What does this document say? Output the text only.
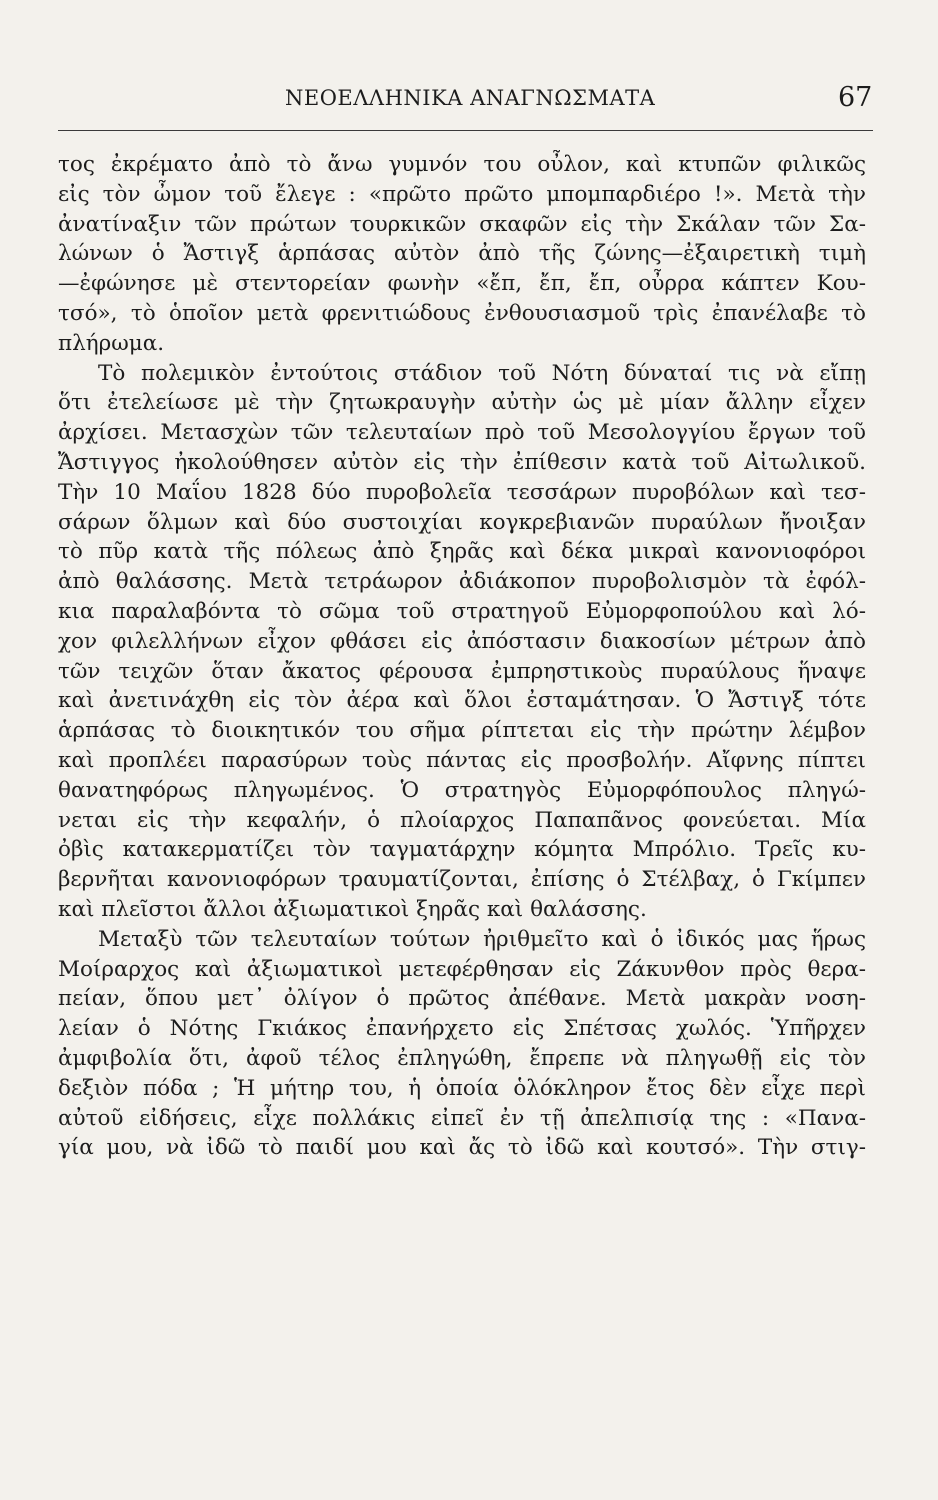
ΝΕΟΕΛΛΗΝΙΚΑ ΑΝΑΓΝΩΣΜΑΤΑ	67
τος ἐκρέματο ἀπὸ τὸ ἄνω γυμνόν του οὖλον, καὶ κτυπῶν φιλικῶς
εἰς τὸν ὦμον τοῦ ἔλεγε : «πρῶτο πρῶτο μπομπαρδιέρο !». Μετὰ τὴν
ἀνατίναξιν τῶν πρώτων τουρκικῶν σκαφῶν εἰς τὴν Σκάλαν τῶν Σα-
λώνων ὁ Ἄστιγξ ἁρπάσας αὐτὸν ἀπὸ τῆς ζώνης—ἐξαιρετικὴ τιμὴ
—ἐφώνησε μὲ στεντορείαν φωνὴν «ἔπ, ἔπ, ἔπ, οὖρρα κάπτεν Κου-
τσό», τὸ ὁποῖον μετὰ φρενιτιώδους ἐνθουσιασμοῦ τρὶς ἐπανέλαβε τὸ
πλήρωμα.
Τὸ πολεμικὸν ἐντούτοις στάδιον τοῦ Νότη δύναταί τις νὰ εἴπῃ
ὅτι ἐτελείωσε μὲ τὴν ζητωκραυγὴν αὐτὴν ὡς μὲ μίαν ἄλλην εἶχεν
ἀρχίσει. Μετασχὼν τῶν τελευταίων πρὸ τοῦ Μεσολογγίου ἔργων τοῦ
Ἄστιγγος ἠκολούθησεν αὐτὸν εἰς τὴν ἐπίθεσιν κατὰ τοῦ Αἰτωλικοῦ.
Τὴν 10 Μαΐου 1828 δύο πυροβολεῖα τεσσάρων πυροβόλων καὶ τεσ-
σάρων ὅλμων καὶ δύο συστοιχίαι κογκρεβιανῶν πυραύλων ἤνοιξαν
τὸ πῦρ κατὰ τῆς πόλεως ἀπὸ ξηρᾶς καὶ δέκα μικραὶ κανονιοφόροι
ἀπὸ θαλάσσης. Μετὰ τετράωρον ἀδιάκοπον πυροβολισμὸν τὰ ἐφόλ-
κια παραλαβόντα τὸ σῶμα τοῦ στρατηγοῦ Εὐμορφοπούλου καὶ λό-
χον φιλελλήνων εἶχον φθάσει εἰς ἀπόστασιν διακοσίων μέτρων ἀπὸ
τῶν τειχῶν ὅταν ἄκατος φέρουσα ἐμπρηστικοὺς πυραύλους ἥναψε
καὶ ἀνετινάχθη εἰς τὸν ἀέρα καὶ ὅλοι ἐσταμάτησαν. Ὁ Ἄστιγξ τότε
ἁρπάσας τὸ διοικητικόν του σῆμα ρίπτεται εἰς τὴν πρώτην λέμβον
καὶ προπλέει παρασύρων τοὺς πάντας εἰς προσβολήν. Αἴφνης πίπτει
θανατηφόρως πληγωμένος. Ὁ στρατηγὸς Εὐμορφόπουλος πληγώ-
νεται εἰς τὴν κεφαλήν, ὁ πλοίαρχος Παπαπᾶνος φονεύεται. Μία
ὀβὶς κατακερματίζει τὸν ταγματάρχην κόμητα Μπρόλιο. Τρεῖς κυ-
βερνῆται κανονιοφόρων τραυματίζονται, ἐπίσης ὁ Στέλβαχ, ὁ Γκίμπεν
καὶ πλεῖστοι ἄλλοι ἀξιωματικοὶ ξηρᾶς καὶ θαλάσσης.
Μεταξὺ τῶν τελευταίων τούτων ἠριθμεῖτο καὶ ὁ ἰδικός μας ἥρως
Μοίραρχος καὶ ἀξιωματικοὶ μετεφέρθησαν εἰς Ζάκυνθον πρὸς θερα-
πείαν, ὅπου μετ᾿ ὀλίγον ὁ πρῶτος ἀπέθανε. Μετὰ μακρὰν νοση-
λείαν ὁ Νότης Γκιάκος ἐπανήρχετο εἰς Σπέτσας χωλός. Ὑπῆρχεν
ἀμφιβολία ὅτι, ἀφοῦ τέλος ἐπληγώθη, ἔπρεπε νὰ πληγωθῇ εἰς τὸν
δεξιὸν πόδα ; Ἡ μήτηρ του, ἡ ὁποία ὁλόκληρον ἔτος δὲν εἶχε περὶ
αὐτοῦ εἰδήσεις, εἶχε πολλάκις εἰπεῖ ἐν τῇ ἀπελπισίᾳ της : «Πανα-
γία μου, νὰ ἰδῶ τὸ παιδί μου καὶ ἄς τὸ ἰδῶ καὶ κουτσό». Τὴν στιγ-
